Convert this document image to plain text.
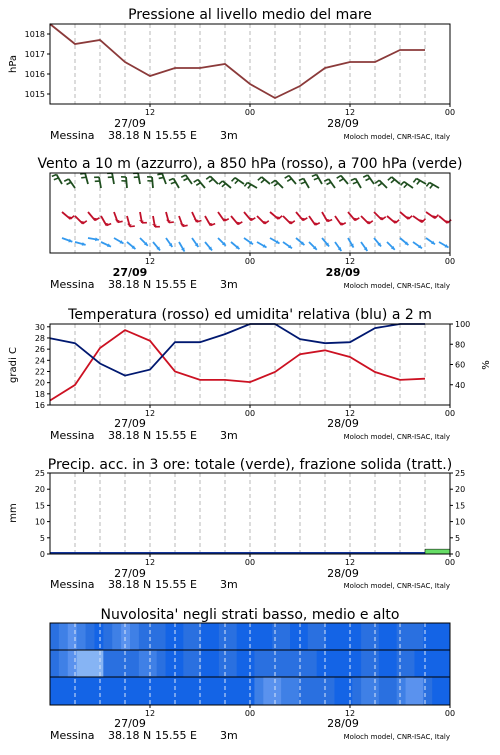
Pressione al livello medio del mare
hPa
1018
1017
1016
1015
12	00	12	00
27/09	28/09
Messina 38.18 N 15.55 E 3m	Moloch model, CNR-ISAC, Italy
Vento a 10 m (azzurro), a 850 hPa (rosso), a 700 hPa (verde)
12	00	12	00
27/09	28/09
Messina 38.18 N 15.55 E 3m	Moloch model, CNR-ISAC, Italy
Temperatura (rosso) ed umidita' relativa (blu) a 2 m
gradi C	%
30
28
26
24
22
20
18
16
100
80
60
40
12	00	12	00
27/09	28/09
Messina 38.18 N 15.55 E 3m	Moloch model, CNR-ISAC, Italy
Precip. acc. in 3 ore: totale (verde), frazione solida (tratt.)
mm
25
20
15
10
5
0
25
20
15
10
5
0
12	00	12	00
27/09	28/09
Messina 38.18 N 15.55 E 3m	Moloch model, CNR-ISAC, Italy
Nuvolosita' negli strati basso, medio e alto
12	00	12	00
27/09	28/09
Messina 38.18 N 15.55 E 3m	Moloch model, CNR-ISAC, Italy
